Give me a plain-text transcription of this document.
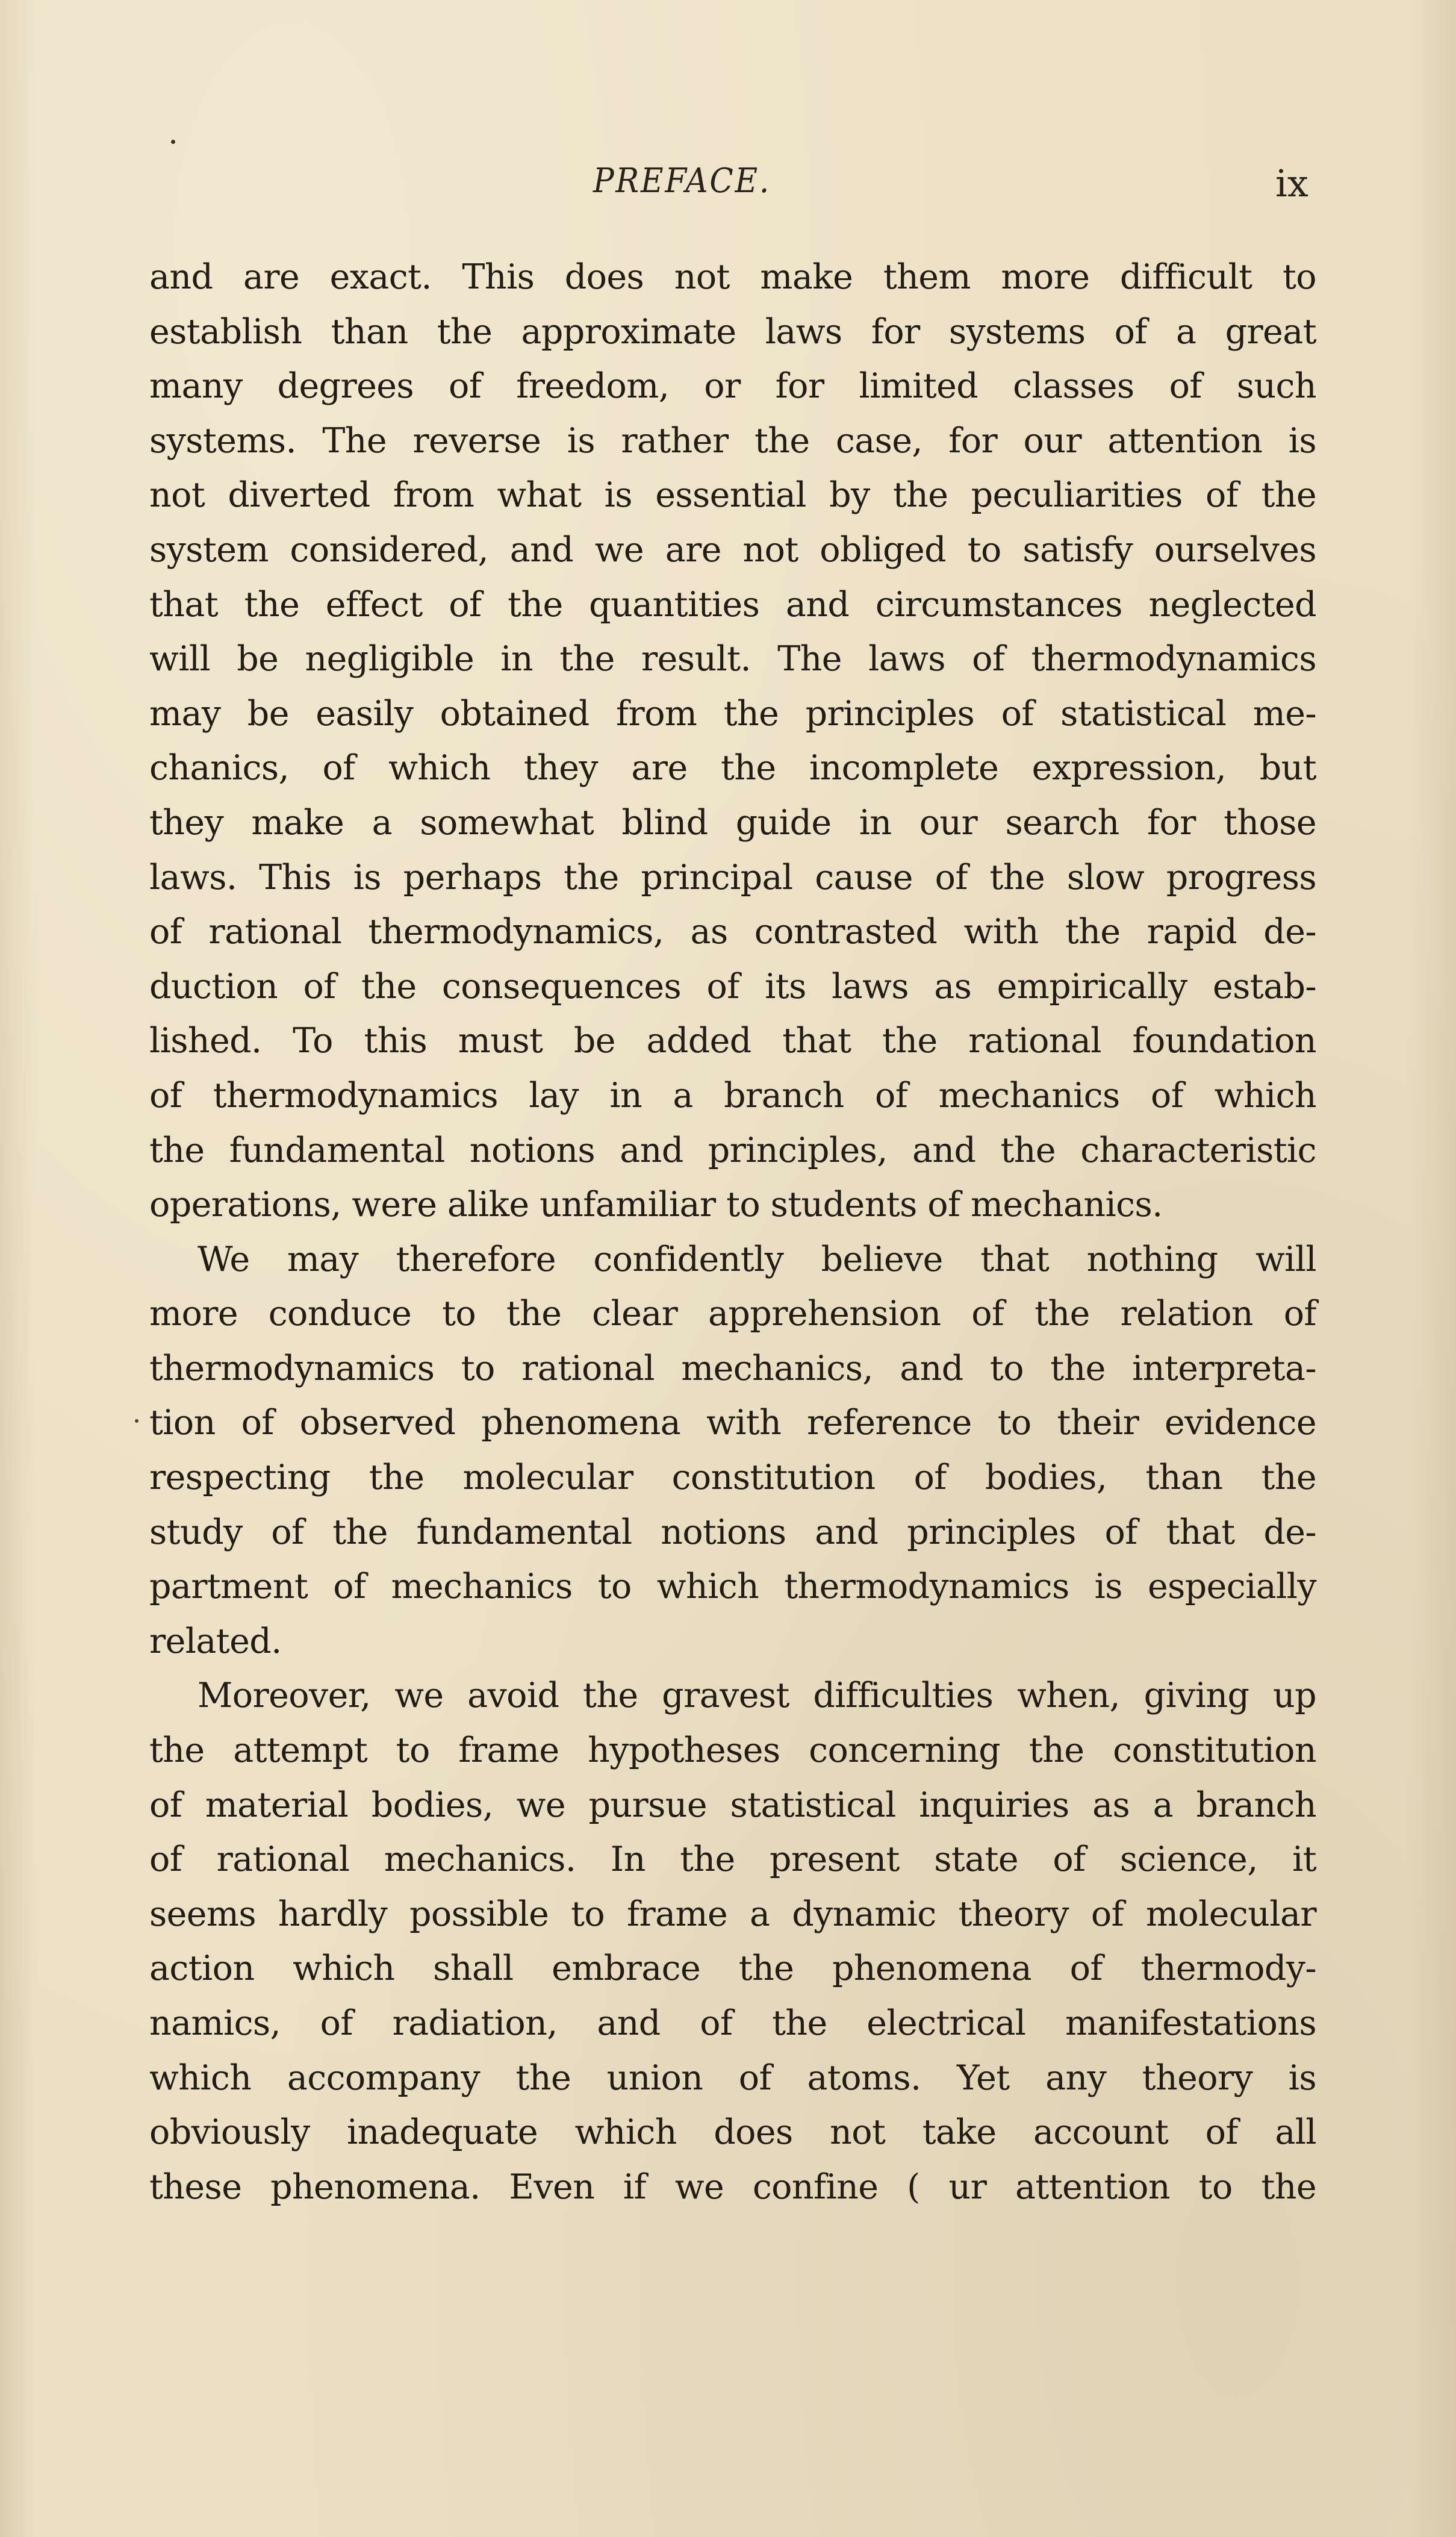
PREFACE.	ix
and are exact. This does not make them more difficult to
establish than the approximate laws for systems of a great
many degrees of freedom, or for limited classes of such
systems. The reverse is rather the case, for our attention is
not diverted from what is essential by the peculiarities of the
system considered, and we are not obliged to satisfy ourselves
that the effect of the quantities and circumstances neglected
will be negligible in the result. The laws of thermodynamics
may be easily obtained from the principles of statistical me-
chanics, of which they are the incomplete expression, but
they make a somewhat blind guide in our search for those
laws. This is perhaps the principal cause of the slow progress
of rational thermodynamics, as contrasted with the rapid de-
duction of the consequences of its laws as empirically estab-
lished. To this must be added that the rational foundation
of thermodynamics lay in a branch of mechanics of which
the fundamental notions and principles, and the characteristic
operations, were alike unfamiliar to students of mechanics.
We may therefore confidently believe that nothing will
more conduce to the clear apprehension of the relation of
thermodynamics to rational mechanics, and to the interpreta-
tion of observed phenomena with reference to their evidence
respecting the molecular constitution of bodies, than the
study of the fundamental notions and principles of that de-
partment of mechanics to which thermodynamics is especially
related.
Moreover, we avoid the gravest difficulties when, giving up
the attempt to frame hypotheses concerning the constitution
of material bodies, we pursue statistical inquiries as a branch
of rational mechanics. In the present state of science, it
seems hardly possible to frame a dynamic theory of molecular
action which shall embrace the phenomena of thermody-
namics, of radiation, and of the electrical manifestations
which accompany the union of atoms. Yet any theory is
obviously inadequate which does not take account of all
these phenomena. Even if we confine ( ur attention to the
